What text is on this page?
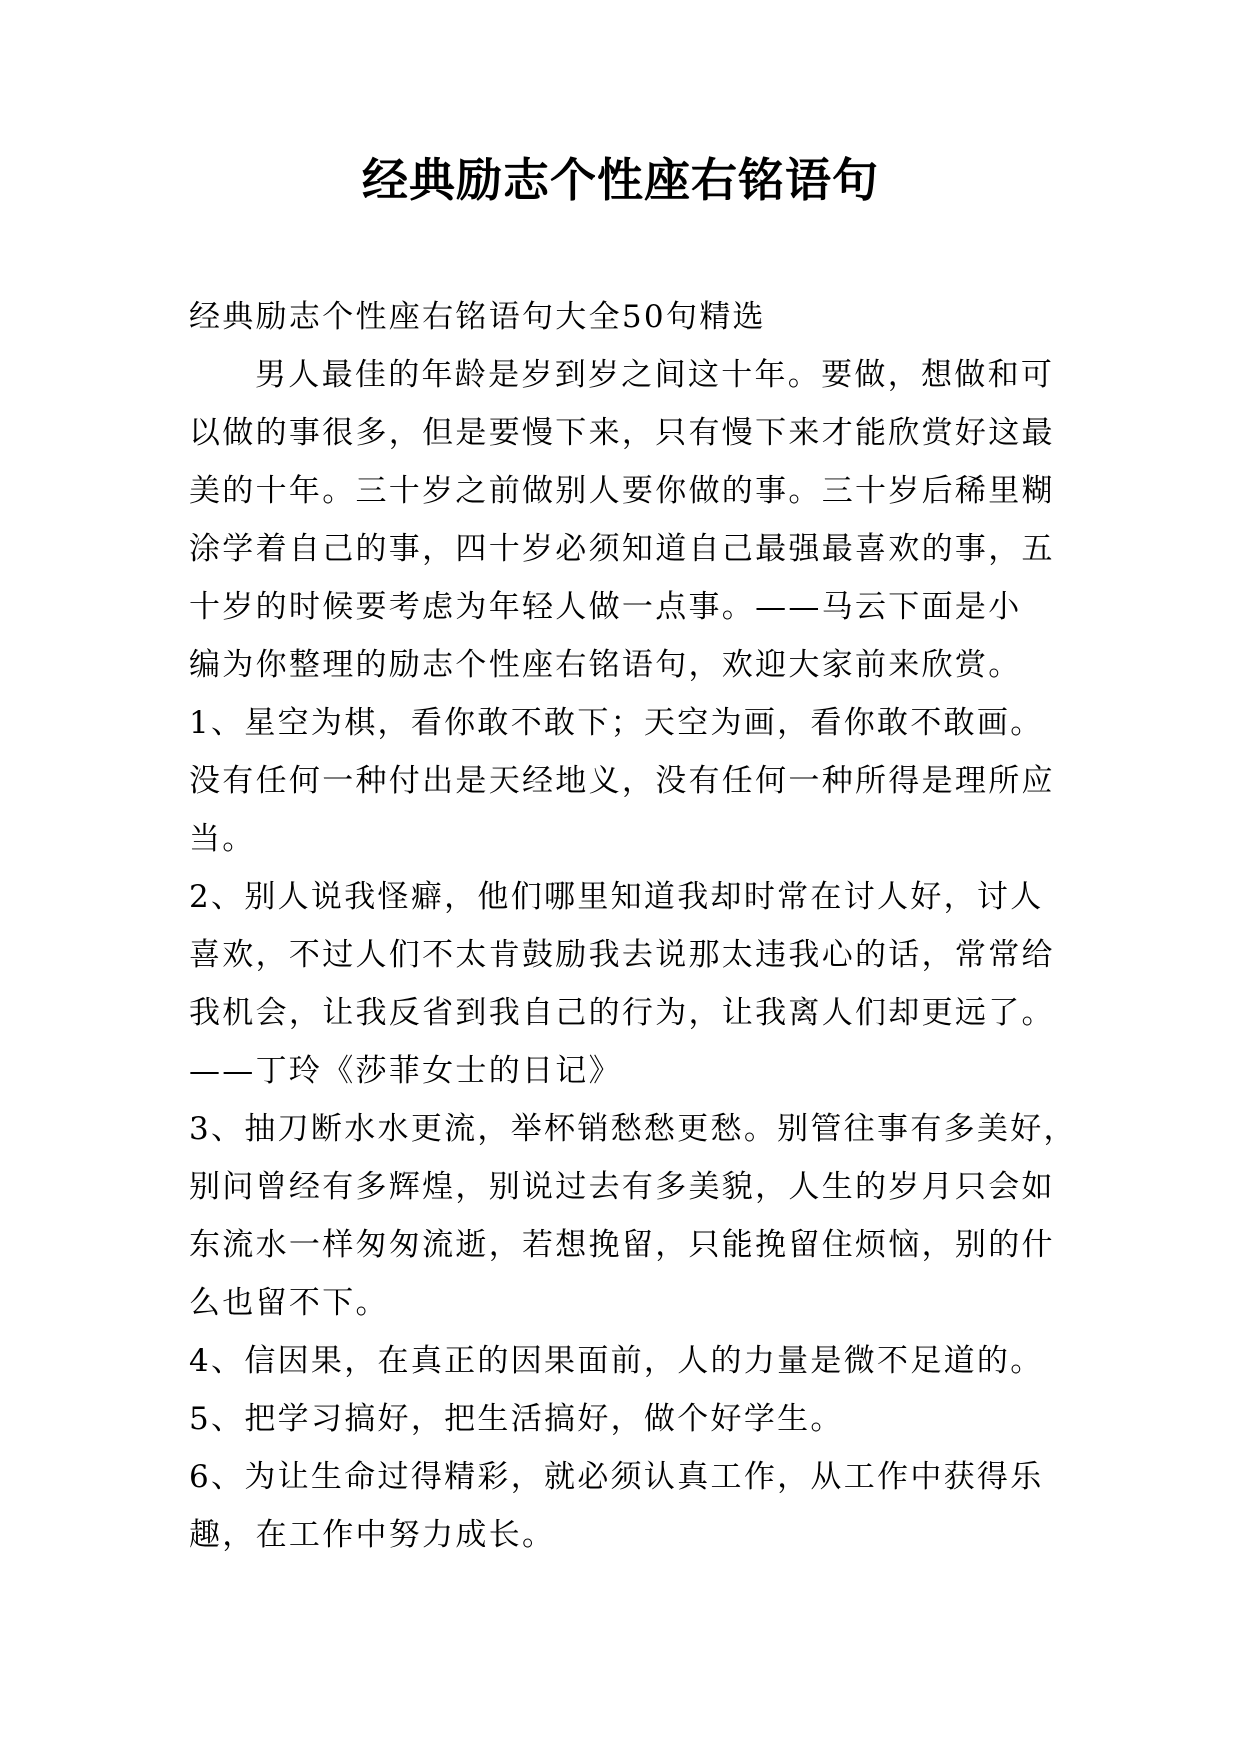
经典励志个性座右铭语句
经典励志个性座右铭语句大全50句精选
男人最佳的年龄是岁到岁之间这十年。要做，想做和可
以做的事很多，但是要慢下来，只有慢下来才能欣赏好这最
美的十年。三十岁之前做别人要你做的事。三十岁后稀里糊
涂学着自己的事，四十岁必须知道自己最强最喜欢的事，五
十岁的时候要考虑为年轻人做一点事。——马云下面是小
编为你整理的励志个性座右铭语句，欢迎大家前来欣赏。
1、星空为棋，看你敢不敢下；天空为画，看你敢不敢画。
没有任何一种付出是天经地义，没有任何一种所得是理所应
当。
2、别人说我怪癖，他们哪里知道我却时常在讨人好，讨人
喜欢，不过人们不太肯鼓励我去说那太违我心的话，常常给
我机会，让我反省到我自己的行为，让我离人们却更远了。
——丁玲《莎菲女士的日记》
3、抽刀断水水更流，举杯销愁愁更愁。别管往事有多美好，
别问曾经有多辉煌，别说过去有多美貌，人生的岁月只会如
东流水一样匆匆流逝，若想挽留，只能挽留住烦恼，别的什
么也留不下。
4、信因果，在真正的因果面前，人的力量是微不足道的。
5、把学习搞好，把生活搞好，做个好学生。
6、为让生命过得精彩，就必须认真工作，从工作中获得乐
趣，在工作中努力成长。
